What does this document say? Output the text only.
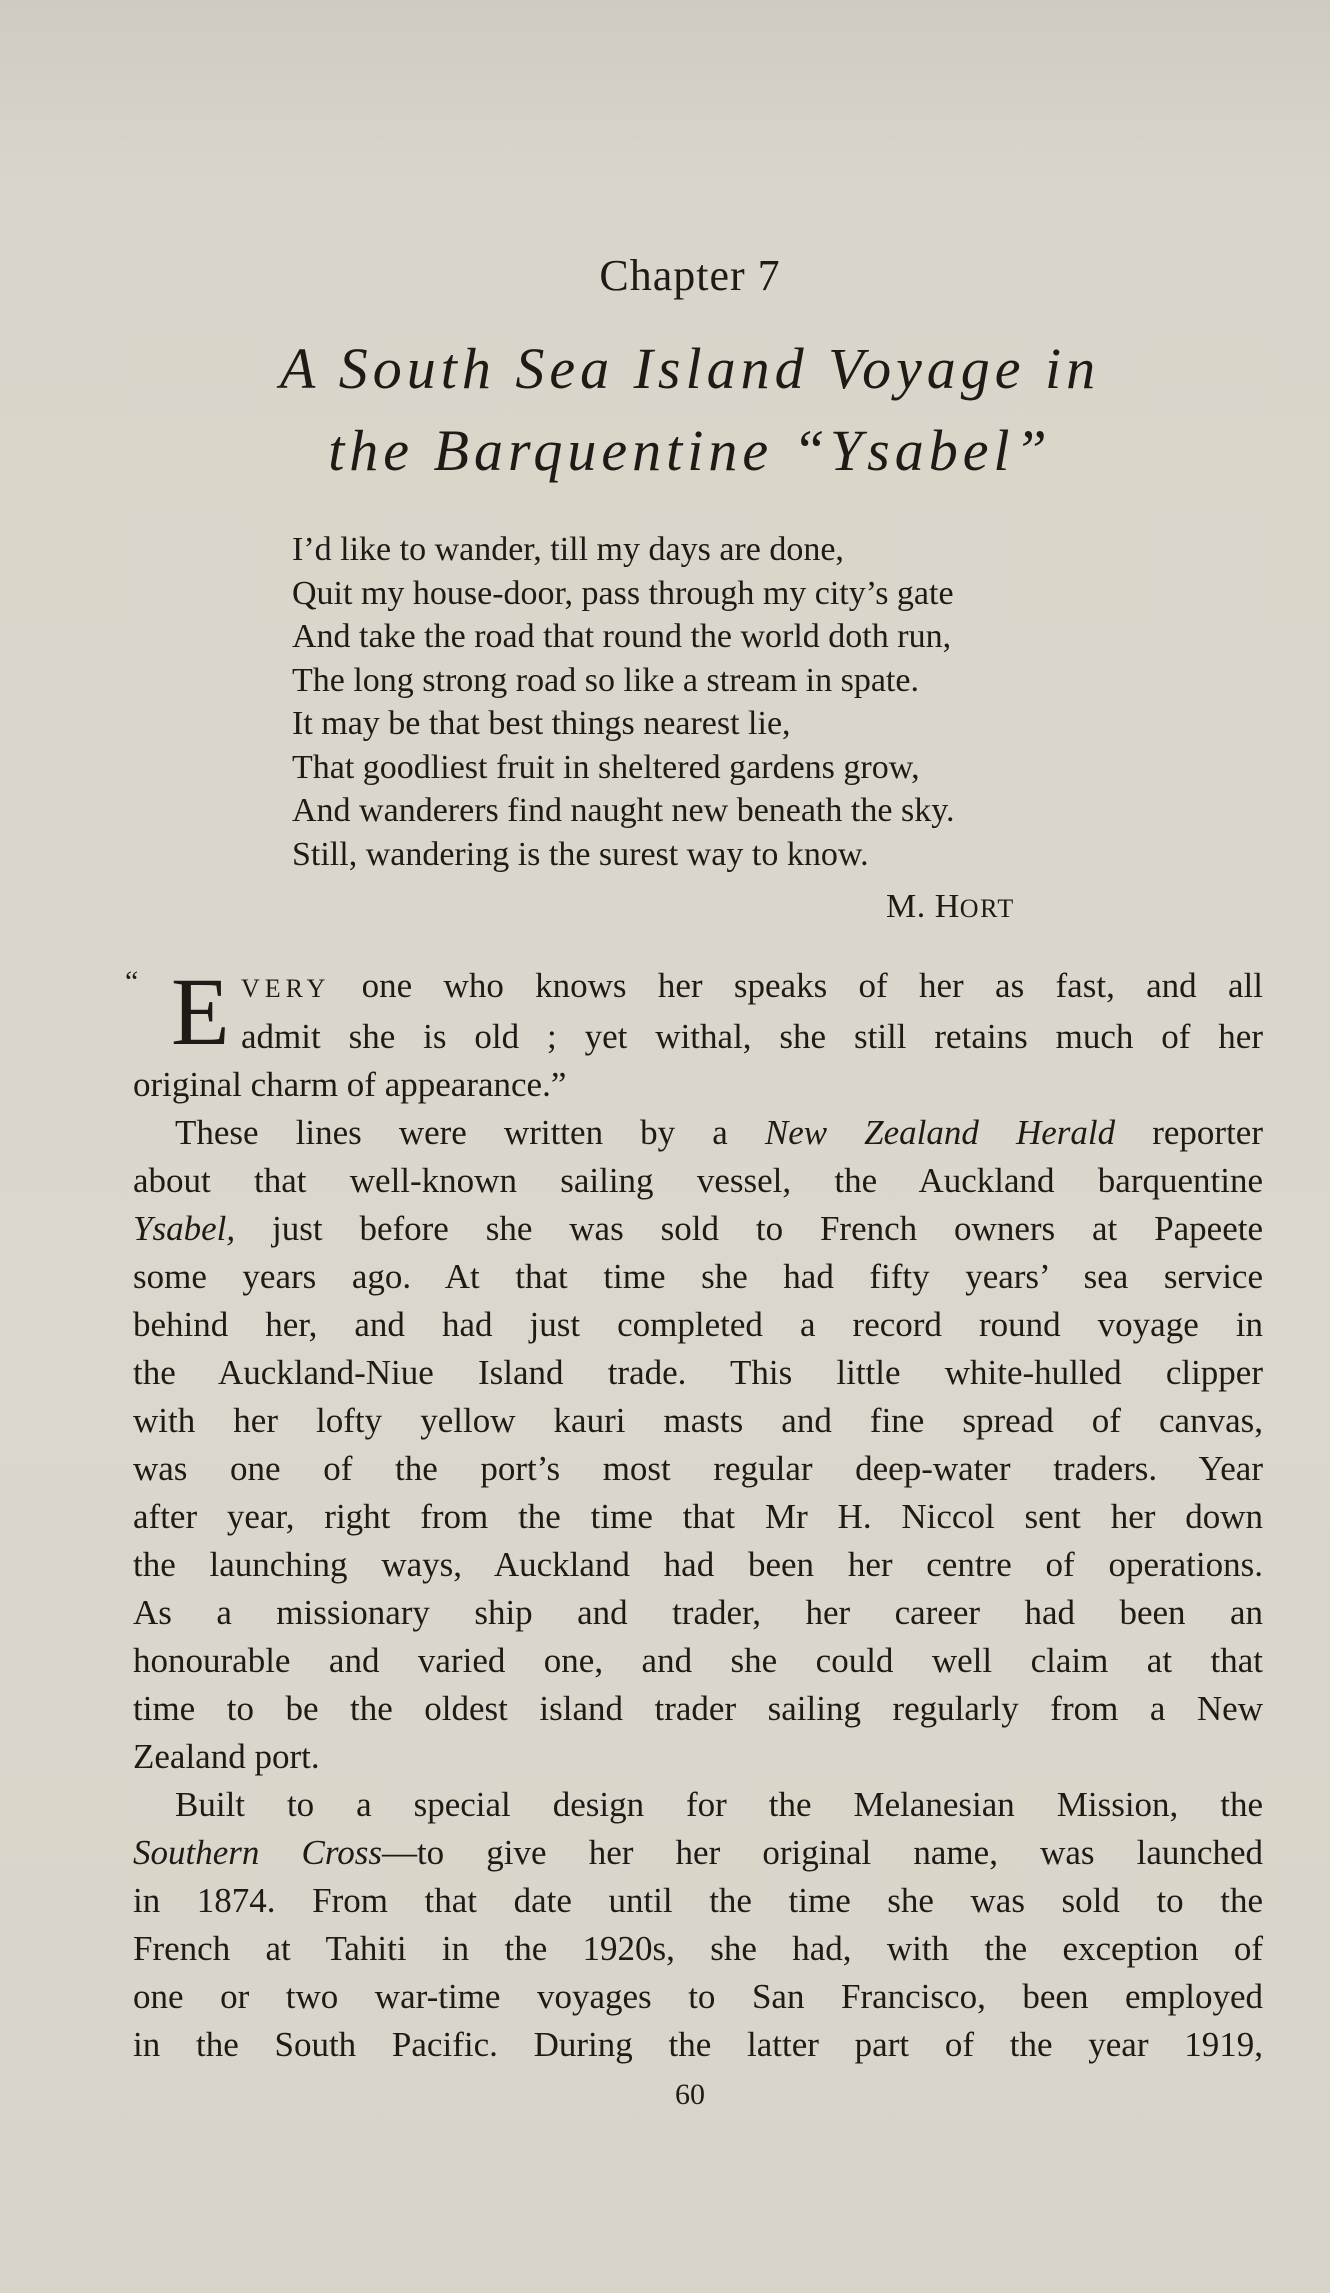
Chapter 7
A South Sea Island Voyage in
the Barquentine “Ysabel”
I’d like to wander, till my days are done,
Quit my house-door, pass through my city’s gate
And take the road that round the world doth run,
The long strong road so like a stream in spate.
It may be that best things nearest lie,
That goodliest fruit in sheltered gardens grow,
And wanderers find naught new beneath the sky.
Still, wandering is the surest way to know.
M. HORT
“ E VERY one who knows her speaks of her as fast, and all
admit she is old ; yet withal, she still retains much of her
original charm of appearance.”
These lines were written by a New Zealand Herald reporter
about that well-known sailing vessel, the Auckland barquentine
Ysabel, just before she was sold to French owners at Papeete
some years ago. At that time she had fifty years’ sea service
behind her, and had just completed a record round voyage in
the Auckland-Niue Island trade. This little white-hulled clipper
with her lofty yellow kauri masts and fine spread of canvas,
was one of the port’s most regular deep-water traders. Year
after year, right from the time that Mr H. Niccol sent her down
the launching ways, Auckland had been her centre of operations.
As a missionary ship and trader, her career had been an
honourable and varied one, and she could well claim at that
time to be the oldest island trader sailing regularly from a New
Zealand port.
Built to a special design for the Melanesian Mission, the
Southern Cross—to give her her original name, was launched
in 1874. From that date until the time she was sold to the
French at Tahiti in the 1920s, she had, with the exception of
one or two war-time voyages to San Francisco, been employed
in the South Pacific. During the latter part of the year 1919,
60
